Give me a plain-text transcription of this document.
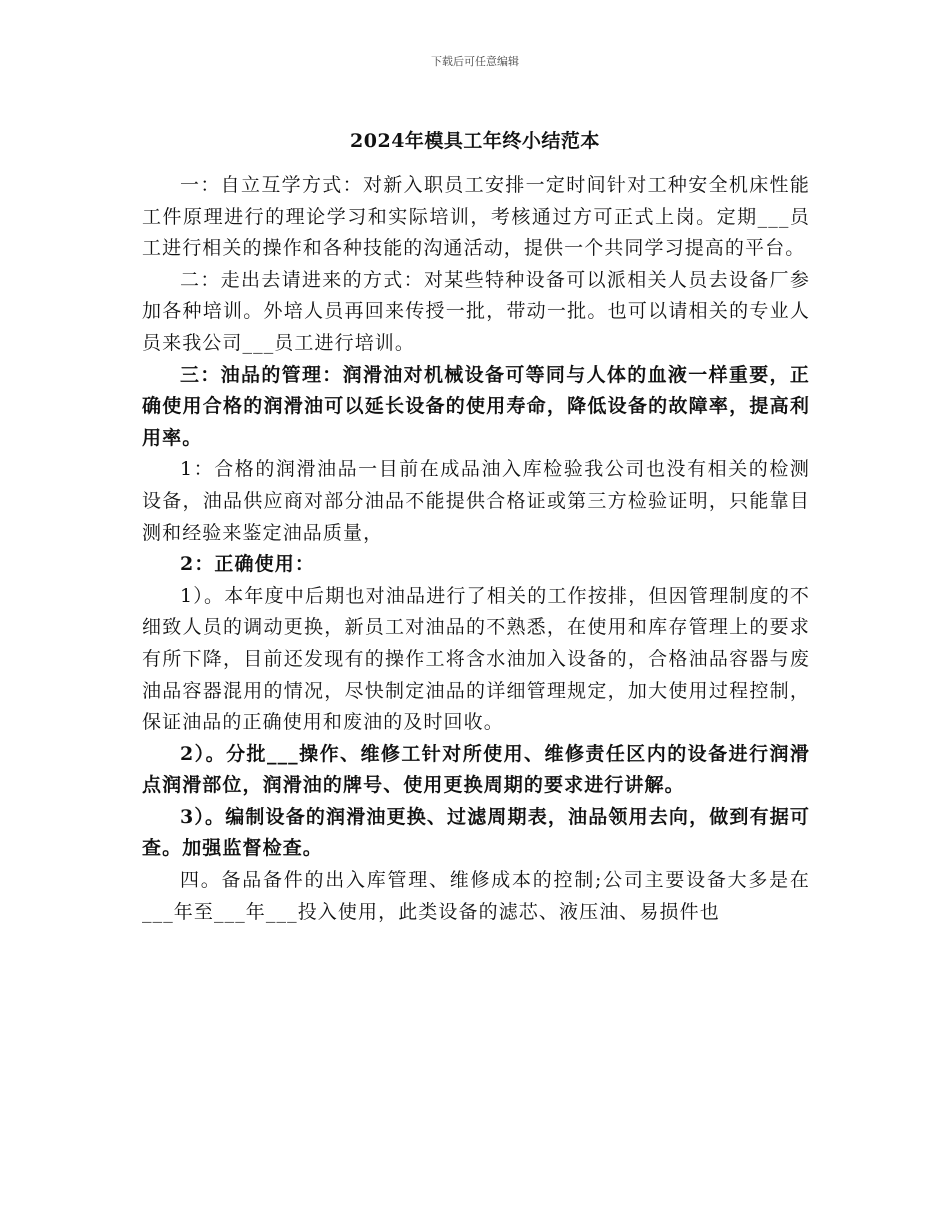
下载后可任意编辑
2024年模具工年终小结范本

一：自立互学方式：对新入职员工安排一定时间针对工种安全机床性能工件原理进行的理论学习和实际培训，考核通过方可正式上岗。定期___员工进行相关的操作和各种技能的沟通活动，提供一个共同学习提高的平台。

二：走出去请进来的方式：对某些特种设备可以派相关人员去设备厂参加各种培训。外培人员再回来传授一批，带动一批。也可以请相关的专业人员来我公司___员工进行培训。

三：油品的管理：润滑油对机械设备可等同与人体的血液一样重要，正确使用合格的润滑油可以延长设备的使用寿命，降低设备的故障率，提高利用率。

1：合格的润滑油品一目前在成品油入库检验我公司也没有相关的检测设备，油品供应商对部分油品不能提供合格证或第三方检验证明，只能靠目测和经验来鉴定油品质量，

2：正确使用：

1）。本年度中后期也对油品进行了相关的工作按排，但因管理制度的不细致人员的调动更换，新员工对油品的不熟悉，在使用和库存管理上的要求有所下降，目前还发现有的操作工将含水油加入设备的，合格油品容器与废油品容器混用的情况，尽快制定油品的详细管理规定，加大使用过程控制，保证油品的正确使用和废油的及时回收。

2）。分批___操作、维修工针对所使用、维修责任区内的设备进行润滑点润滑部位，润滑油的牌号、使用更换周期的要求进行讲解。

3）。编制设备的润滑油更换、过滤周期表，油品领用去向，做到有据可查。加强监督检查。

四。备品备件的出入库管理、维修成本的控制;公司主要设备大多是在___年至___年___投入使用，此类设备的滤芯、液压油、易损件也
